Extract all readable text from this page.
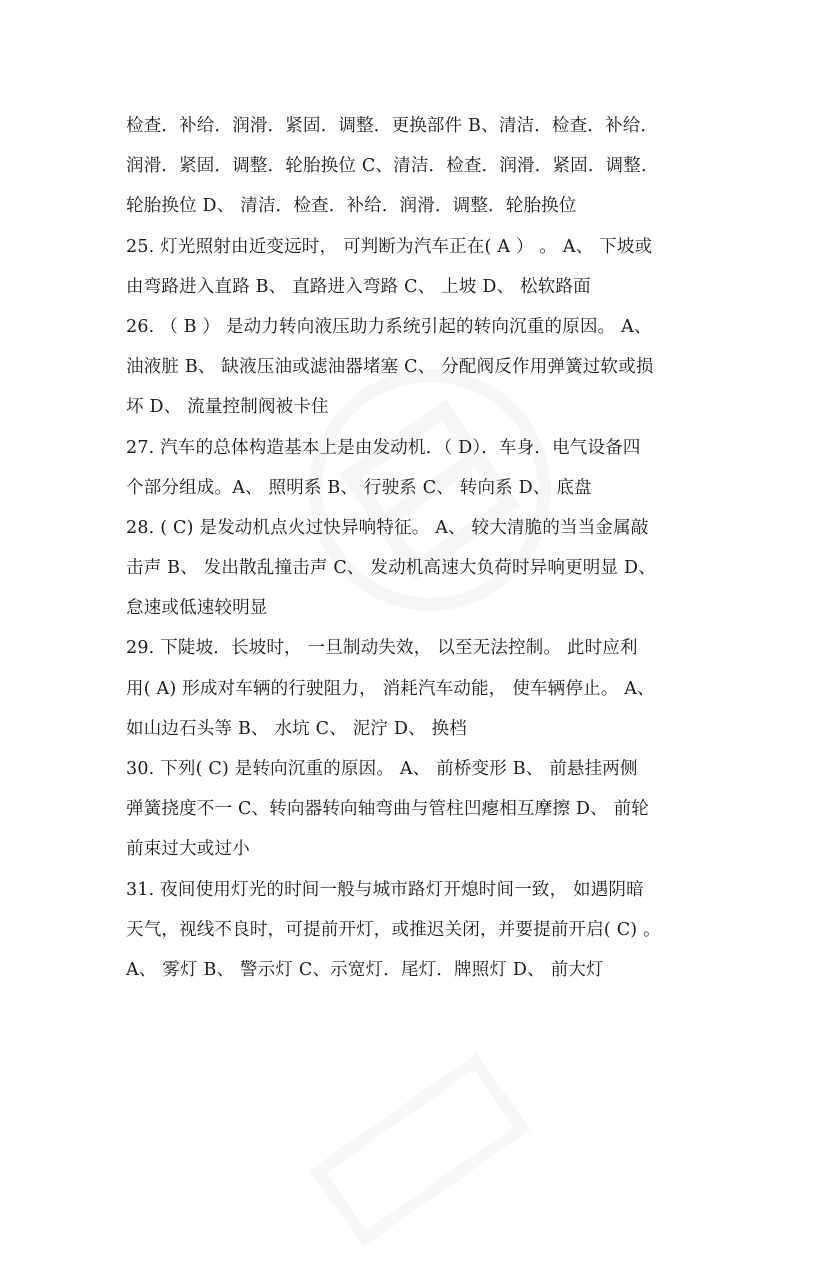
检查．补给．润滑．紧固．调整．更换部件 B、清洁．检查．补给．
润滑．紧固．调整．轮胎换位 C、清洁．检查．润滑．紧固．调整．
轮胎换位 D、 清洁．检查．补给．润滑．调整．轮胎换位
25. 灯光照射由近变远时， 可判断为汽车正在( A ） 。 A、 下坡或
由弯路进入直路 B、 直路进入弯路 C、 上坡 D、 松软路面
26. （ B ） 是动力转向液压助力系统引起的转向沉重的原因。 A、
油液脏 B、 缺液压油或滤油器堵塞 C、 分配阀反作用弹簧过软或损
坏 D、 流量控制阀被卡住
27. 汽车的总体构造基本上是由发动机．（ D）．车身．电气设备四
个部分组成。A、 照明系 B、 行驶系 C、 转向系 D、 底盘
28. ( C) 是发动机点火过快异响特征。 A、 较大清脆的当当金属敲
击声 B、 发出散乱撞击声 C、 发动机高速大负荷时异响更明显 D、
怠速或低速较明显
29. 下陡坡．长坡时， 一旦制动失效， 以至无法控制。 此时应利
用( A) 形成对车辆的行驶阻力， 消耗汽车动能， 使车辆停止。 A、
如山边石头等 B、 水坑 C、 泥泞 D、 换档
30. 下列( C) 是转向沉重的原因。 A、 前桥变形 B、 前悬挂两侧
弹簧挠度不一 C、转向器转向轴弯曲与管柱凹瘪相互摩擦 D、 前轮
前束过大或过小
31. 夜间使用灯光的时间一般与城市路灯开熄时间一致， 如遇阴暗
天气，视线不良时，可提前开灯，或推迟关闭，并要提前开启( C) 。
A、 雾灯 B、 警示灯 C、示宽灯．尾灯．牌照灯 D、 前大灯
